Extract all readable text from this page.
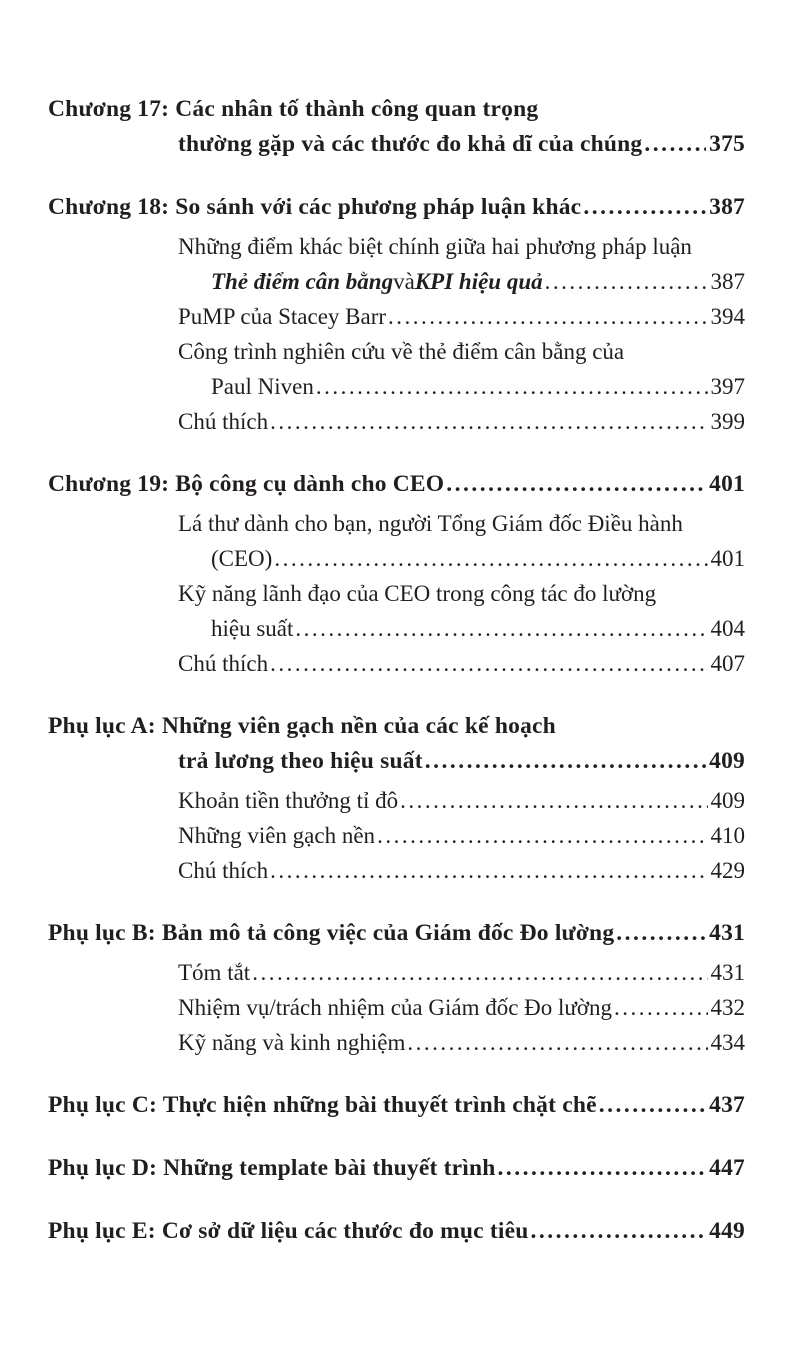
Chương 17: Các nhân tố thành công quan trọng
thường gặp và các thước đo khả dĩ của chúng .....	375
Chương 18: So sánh với các phương pháp luận khác .....	387
Những điểm khác biệt chính giữa hai phương pháp luận
Thẻ điểm cân bằng và KPI hiệu quả .....	387
PuMP của Stacey Barr .....	394
Công trình nghiên cứu về thẻ điểm cân bằng của
Paul Niven .....	397
Chú thích .....	399
Chương 19: Bộ công cụ dành cho CEO .....	401
Lá thư dành cho bạn, người Tổng Giám đốc Điều hành
(CEO) .....	401
Kỹ năng lãnh đạo của CEO trong công tác đo lường
hiệu suất .....	404
Chú thích .....	407
Phụ lục A: Những viên gạch nền của các kế hoạch
trả lương theo hiệu suất .....	409
Khoản tiền thưởng tỉ đô .....	409
Những viên gạch nền .....	410
Chú thích .....	429
Phụ lục B: Bản mô tả công việc của Giám đốc Đo lường .....	431
Tóm tắt .....	431
Nhiệm vụ/trách nhiệm của Giám đốc Đo lường .....	432
Kỹ năng và kinh nghiệm .....	434
Phụ lục C: Thực hiện những bài thuyết trình chặt chẽ .....	437
Phụ lục D: Những template bài thuyết trình .....	447
Phụ lục E: Cơ sở dữ liệu các thước đo mục tiêu .....	449
